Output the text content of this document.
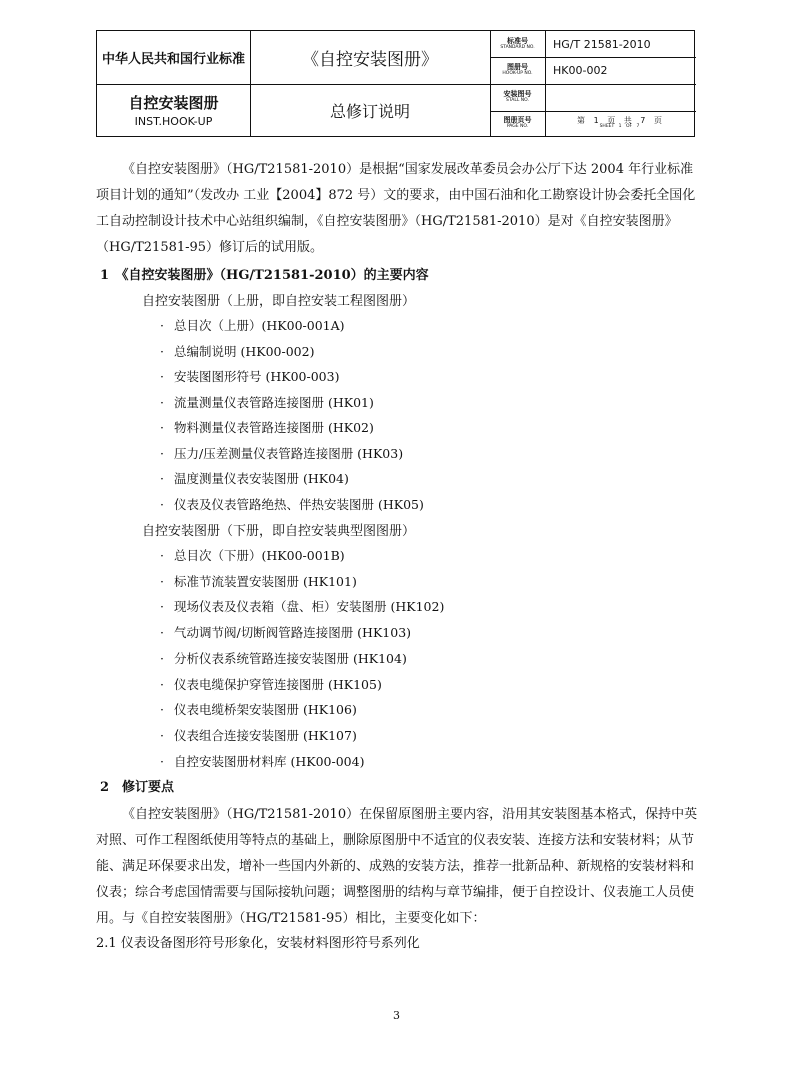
中华人民共和国行业标准
自控安装图册
INST.HOOK-UP
《自控安装图册》
总修订说明
标准号
STANDARD NO.	HG/T 21581-2010
图册号
HOOK-UP NO.	HK00-002
安装图号
STALL NO.
图册页号
PAGE NO.
第 1 页 共 7 页
SHEET 1 OF 7

《自控安装图册》（HG/T21581-2010）是根据“国家发展改革委员会办公厅下达 2004 年行业标准项目计划的通知”（发改办 工业【2004】872 号）文的要求，由中国石油和化工勘察设计协会委托全国化工自动控制设计技术中心站组织编制，《自控安装图册》（HG/T21581-2010）是对《自控安装图册》（HG/T21581-95）修订后的试用版。

1　《自控安装图册》（HG/T21581-2010）的主要内容
自控安装图册（上册，即自控安装工程图图册）
· 总目次（上册）(HK00-001A)
· 总编制说明 (HK00-002)
· 安装图图形符号 (HK00-003)
· 流量测量仪表管路连接图册 (HK01)
· 物料测量仪表管路连接图册 (HK02)
· 压力/压差测量仪表管路连接图册 (HK03)
· 温度测量仪表安装图册 (HK04)
· 仪表及仪表管路绝热、伴热安装图册 (HK05)
自控安装图册（下册，即自控安装典型图图册）
· 总目次（下册）(HK00-001B)
· 标准节流装置安装图册 (HK101)
· 现场仪表及仪表箱（盘、柜）安装图册 (HK102)
· 气动调节阀/切断阀管路连接图册 (HK103)
· 分析仪表系统管路连接安装图册 (HK104)
· 仪表电缆保护穿管连接图册 (HK105)
· 仪表电缆桥架安装图册 (HK106)
· 仪表组合连接安装图册 (HK107)
· 自控安装图册材料库 (HK00-004)
2　修订要点

《自控安装图册》（HG/T21581-2010）在保留原图册主要内容，沿用其安装图基本格式，保持中英对照、可作工程图纸使用等特点的基础上，删除原图册中不适宜的仪表安装、连接方法和安装材料；从节能、满足环保要求出发，增补一些国内外新的、成熟的安装方法，推荐一批新品种、新规格的安装材料和仪表；综合考虑国情需要与国际接轨问题；调整图册的结构与章节编排，便于自控设计、仪表施工人员使用。与《自控安装图册》（HG/T21581-95）相比，主要变化如下：

2.1 仪表设备图形符号形象化，安装材料图形符号系列化
3
